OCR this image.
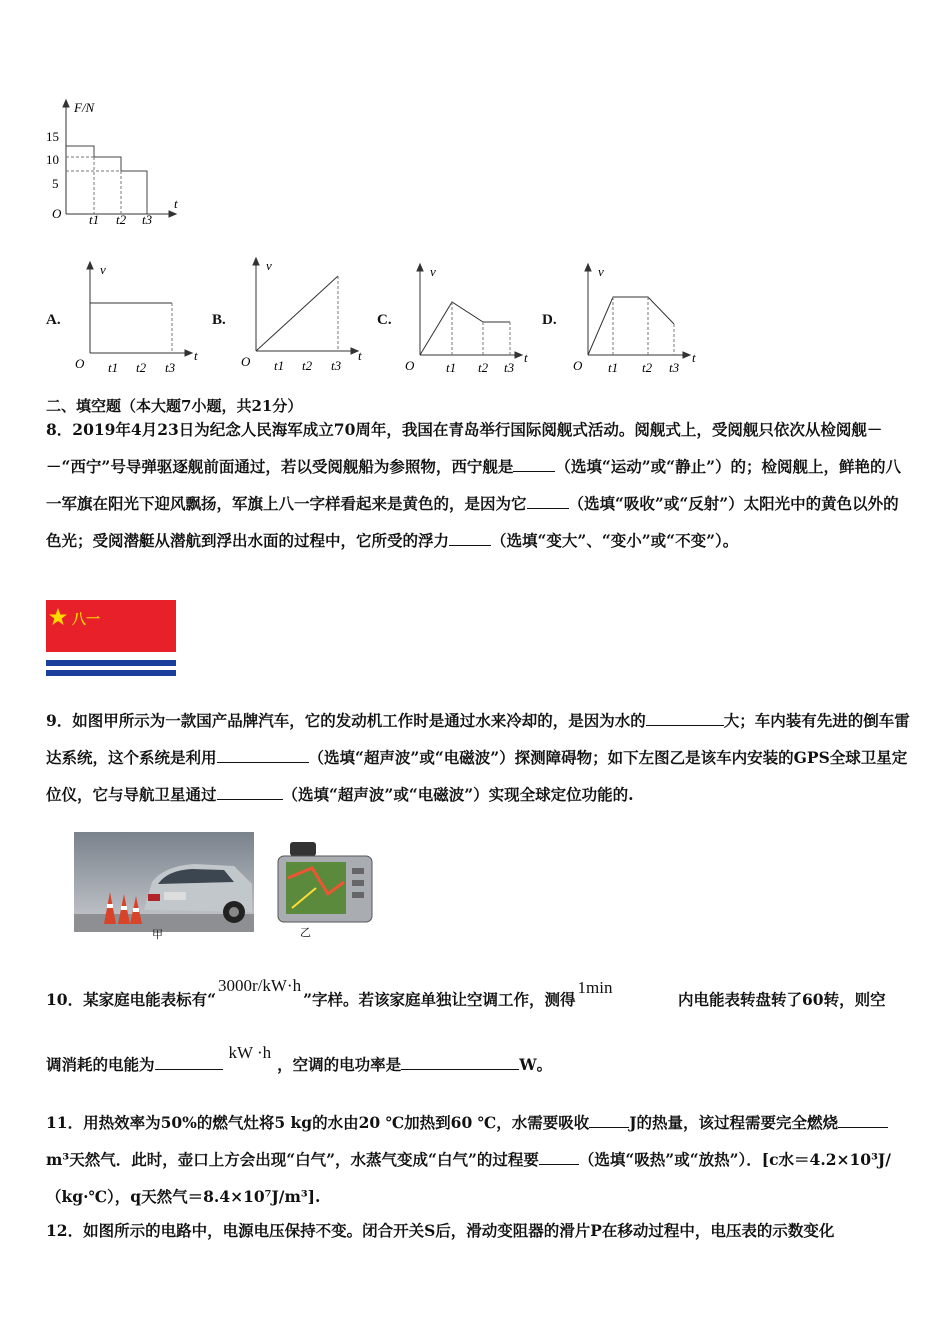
F/N
15
10
5
O
t
t1 t2 t3
A.
v
t
O t1 t2 t3
B.
v
t
O t1 t2 t3
C.
v
t
O t1 t2 t3
D.
v
t
O t1 t2 t3
二、填空题（本大题7小题，共21分）

8．2019年4月23日为纪念人民海军成立70周年，我国在青岛举行国际阅舰式活动。阅舰式上，受阅舰只依次从检阅舰－－“西宁”号导弹驱逐舰前面通过，若以受阅舰船为参照物，西宁舰是	（选填“运动”或“静止”）的；检阅舰上，鲜艳的八一军旗在阳光下迎风飘扬，军旗上八一字样看起来是黄色的，是因为它	（选填“吸收”或“反射”）太阳光中的黄色以外的色光；受阅潜艇从潜航到浮出水面的过程中，它所受的浮力	（选填“变大”、“变小”或“不变”）。

八一

9．如图甲所示为一款国产品牌汽车，它的发动机工作时是通过水来冷却的，是因为水的	大；车内装有先进的倒车雷达系统，这个系统是利用	（选填“超声波”或“电磁波”）探测障碍物；如下左图乙是该车内安装的GPS全球卫星定位仪，它与导航卫星通过	（选填“超声波”或“电磁波”）实现全球定位功能的.

甲	乙
10．某家庭电能表标有“3000r/kW·h”字样。若该家庭单独让空调工作，测得1min
内电能表转盘转了60转，则空
调消耗的电能为kW ·h，空调的电功率是	W。

11．用热效率为50%的燃气灶将5 kg的水由20 ℃加热到60 ℃，水需要吸收	J的热量，该过程需要完全燃烧m³天然气．此时，壶口上方会出现“白气”，水蒸气变成“白气”的过程要	（选填“吸热”或“放热”）．[c水＝4.2×10³J/（kg·℃），q天然气＝8.4×10⁷J/m³].

12．如图所示的电路中，电源电压保持不变。闭合开关S后，滑动变阻器的滑片P在移动过程中，电压表的示数变化
